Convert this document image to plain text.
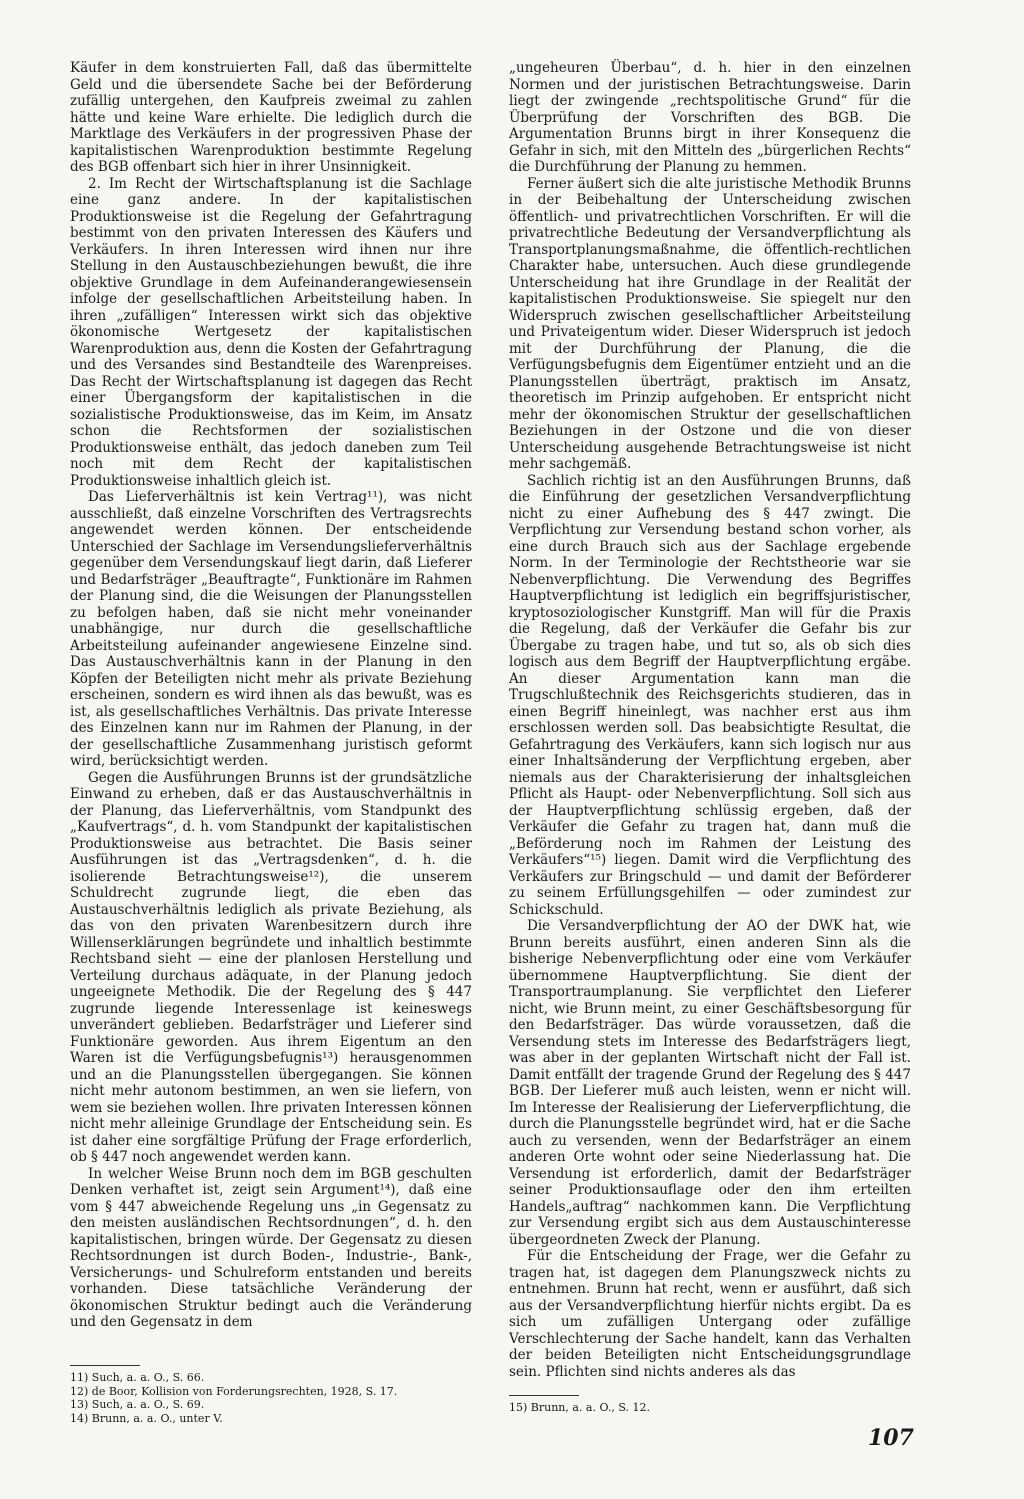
Käufer in dem konstruierten Fall, daß das übermittelte Geld und die übersendete Sache bei der Beförderung zufällig untergehen, den Kaufpreis zweimal zu zahlen hätte und keine Ware erhielte. Die lediglich durch die Marktlage des Verkäufers in der progressiven Phase der kapitalistischen Warenproduktion bestimmte Regelung des BGB offenbart sich hier in ihrer Unsinnigkeit.

2. Im Recht der Wirtschaftsplanung ist die Sachlage eine ganz andere. In der kapitalistischen Produktionsweise ist die Regelung der Gefahrtragung bestimmt von den privaten Interessen des Käufers und Verkäufers. In ihren Interessen wird ihnen nur ihre Stellung in den Austauschbeziehungen bewußt, die ihre objektive Grundlage in dem Aufeinanderangewiesensein infolge der gesellschaftlichen Arbeitsteilung haben. In ihren „zufälligen“ Interessen wirkt sich das objektive ökonomische Wertgesetz der kapitalistischen Warenproduktion aus, denn die Kosten der Gefahrtragung und des Versandes sind Bestandteile des Warenpreises. Das Recht der Wirtschaftsplanung ist dagegen das Recht einer Übergangsform der kapitalistischen in die sozialistische Produktionsweise, das im Keim, im Ansatz schon die Rechtsformen der sozialistischen Produktionsweise enthält, das jedoch daneben zum Teil noch mit dem Recht der kapitalistischen Produktionsweise inhaltlich gleich ist.

Das Lieferverhältnis ist kein Vertrag¹¹), was nicht ausschließt, daß einzelne Vorschriften des Vertragsrechts angewendet werden können. Der entscheidende Unterschied der Sachlage im Versendungslieferverhältnis gegenüber dem Versendungskauf liegt darin, daß Lieferer und Bedarfsträger „Beauftragte“, Funktionäre im Rahmen der Planung sind, die die Weisungen der Planungsstellen zu befolgen haben, daß sie nicht mehr voneinander unabhängige, nur durch die gesellschaftliche Arbeitsteilung aufeinander angewiesene Einzelne sind. Das Austauschverhältnis kann in der Planung in den Köpfen der Beteiligten nicht mehr als private Beziehung erscheinen, sondern es wird ihnen als das bewußt, was es ist, als gesellschaftliches Verhältnis. Das private Interesse des Einzelnen kann nur im Rahmen der Planung, in der der gesellschaftliche Zusammenhang juristisch geformt wird, berücksichtigt werden.

Gegen die Ausführungen Brunns ist der grundsätzliche Einwand zu erheben, daß er das Austauschverhältnis in der Planung, das Lieferverhältnis, vom Standpunkt des „Kaufvertrags“, d. h. vom Standpunkt der kapitalistischen Produktionsweise aus betrachtet. Die Basis seiner Ausführungen ist das „Vertragsdenken“, d. h. die isolierende Betrachtungsweise¹²), die unserem Schuldrecht zugrunde liegt, die eben das Austauschverhältnis lediglich als private Beziehung, als das von den privaten Warenbesitzern durch ihre Willenserklärungen begründete und inhaltlich bestimmte Rechtsband sieht — eine der planlosen Herstellung und Verteilung durchaus adäquate, in der Planung jedoch ungeeignete Methodik. Die der Regelung des § 447 zugrunde liegende Interessenlage ist keineswegs unverändert geblieben. Bedarfsträger und Lieferer sind Funktionäre geworden. Aus ihrem Eigentum an den Waren ist die Verfügungsbefugnis¹³) herausgenommen und an die Planungsstellen übergegangen. Sie können nicht mehr autonom bestimmen, an wen sie liefern, von wem sie beziehen wollen. Ihre privaten Interessen können nicht mehr alleinige Grundlage der Entscheidung sein. Es ist daher eine sorgfältige Prüfung der Frage erforderlich, ob § 447 noch angewendet werden kann.

In welcher Weise Brunn noch dem im BGB geschulten Denken verhaftet ist, zeigt sein Argument¹⁴), daß eine vom § 447 abweichende Regelung uns „in Gegensatz zu den meisten ausländischen Rechtsordnungen“, d. h. den kapitalistischen, bringen würde. Der Gegensatz zu diesen Rechtsordnungen ist durch Boden-, Industrie-, Bank-, Versicherungs- und Schulreform entstanden und bereits vorhanden. Diese tatsächliche Veränderung der ökonomischen Struktur bedingt auch die Veränderung und den Gegensatz in dem

„ungeheuren Überbau“, d. h. hier in den einzelnen Normen und der juristischen Betrachtungsweise. Darin liegt der zwingende „rechtspolitische Grund“ für die Überprüfung der Vorschriften des BGB. Die Argumentation Brunns birgt in ihrer Konsequenz die Gefahr in sich, mit den Mitteln des „bürgerlichen Rechts“ die Durchführung der Planung zu hemmen.

Ferner äußert sich die alte juristische Methodik Brunns in der Beibehaltung der Unterscheidung zwischen öffentlich- und privatrechtlichen Vorschriften. Er will die privatrechtliche Bedeutung der Versandverpflichtung als Transportplanungsmaßnahme, die öffentlich-rechtlichen Charakter habe, untersuchen. Auch diese grundlegende Unterscheidung hat ihre Grundlage in der Realität der kapitalistischen Produktionsweise. Sie spiegelt nur den Widerspruch zwischen gesellschaftlicher Arbeitsteilung und Privateigentum wider. Dieser Widerspruch ist jedoch mit der Durchführung der Planung, die die Verfügungsbefugnis dem Eigentümer entzieht und an die Planungsstellen überträgt, praktisch im Ansatz, theoretisch im Prinzip aufgehoben. Er entspricht nicht mehr der ökonomischen Struktur der gesellschaftlichen Beziehungen in der Ostzone und die von dieser Unterscheidung ausgehende Betrachtungsweise ist nicht mehr sachgemäß.

Sachlich richtig ist an den Ausführungen Brunns, daß die Einführung der gesetzlichen Versandverpflichtung nicht zu einer Aufhebung des § 447 zwingt. Die Verpflichtung zur Versendung bestand schon vorher, als eine durch Brauch sich aus der Sachlage ergebende Norm. In der Terminologie der Rechtstheorie war sie Nebenverpflichtung. Die Verwendung des Begriffes Hauptverpflichtung ist lediglich ein begriffsjuristischer, kryptosoziologischer Kunstgriff. Man will für die Praxis die Regelung, daß der Verkäufer die Gefahr bis zur Übergabe zu tragen habe, und tut so, als ob sich dies logisch aus dem Begriff der Hauptverpflichtung ergäbe. An dieser Argumentation kann man die Trugschlußtechnik des Reichsgerichts studieren, das in einen Begriff hineinlegt, was nachher erst aus ihm erschlossen werden soll. Das beabsichtigte Resultat, die Gefahrtragung des Verkäufers, kann sich logisch nur aus einer Inhaltsänderung der Verpflichtung ergeben, aber niemals aus der Charakterisierung der inhaltsgleichen Pflicht als Haupt- oder Nebenverpflichtung. Soll sich aus der Hauptverpflichtung schlüssig ergeben, daß der Verkäufer die Gefahr zu tragen hat, dann muß die „Beförderung noch im Rahmen der Leistung des Verkäufers“¹⁵) liegen. Damit wird die Verpflichtung des Verkäufers zur Bringschuld — und damit der Beförderer zu seinem Erfüllungsgehilfen — oder zumindest zur Schickschuld.

Die Versandverpflichtung der AO der DWK hat, wie Brunn bereits ausführt, einen anderen Sinn als die bisherige Nebenverpflichtung oder eine vom Verkäufer übernommene Hauptverpflichtung. Sie dient der Transportraumplanung. Sie verpflichtet den Lieferer nicht, wie Brunn meint, zu einer Geschäftsbesorgung für den Bedarfsträger. Das würde voraussetzen, daß die Versendung stets im Interesse des Bedarfsträgers liegt, was aber in der geplanten Wirtschaft nicht der Fall ist. Damit entfällt der tragende Grund der Regelung des § 447 BGB. Der Lieferer muß auch leisten, wenn er nicht will. Im Interesse der Realisierung der Lieferverpflichtung, die durch die Planungsstelle begründet wird, hat er die Sache auch zu versenden, wenn der Bedarfsträger an einem anderen Orte wohnt oder seine Niederlassung hat. Die Versendung ist erforderlich, damit der Bedarfsträger seiner Produktionsauflage oder den ihm erteilten Handels„auftrag“ nachkommen kann. Die Verpflichtung zur Versendung ergibt sich aus dem Austauschinteresse übergeordneten Zweck der Planung.

Für die Entscheidung der Frage, wer die Gefahr zu tragen hat, ist dagegen dem Planungszweck nichts zu entnehmen. Brunn hat recht, wenn er ausführt, daß sich aus der Versandverpflichtung hierfür nichts ergibt. Da es sich um zufälligen Untergang oder zufällige Verschlechterung der Sache handelt, kann das Verhalten der beiden Beteiligten nicht Entscheidungsgrundlage sein. Pflichten sind nichts anderes als das

11) Such, a. a. O., S. 66.

12) de Boor, Kollision von Forderungsrechten, 1928, S. 17.

13) Such, a. a. O., S. 69.

14) Brunn, a. a. O., unter V.

15) Brunn, a. a. O., S. 12.

107
